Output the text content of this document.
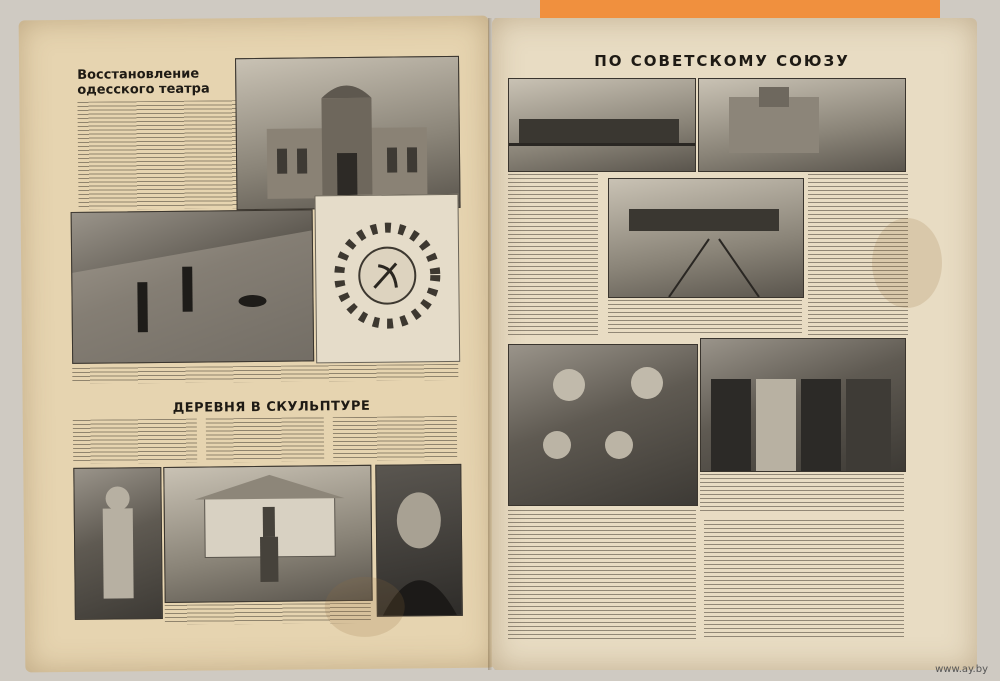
Восстановление одесского театра
ДЕРЕВНЯ В СКУЛЬПТУРЕ
ПО СОВЕТСКОМУ СОЮЗУ
www.ay.by
